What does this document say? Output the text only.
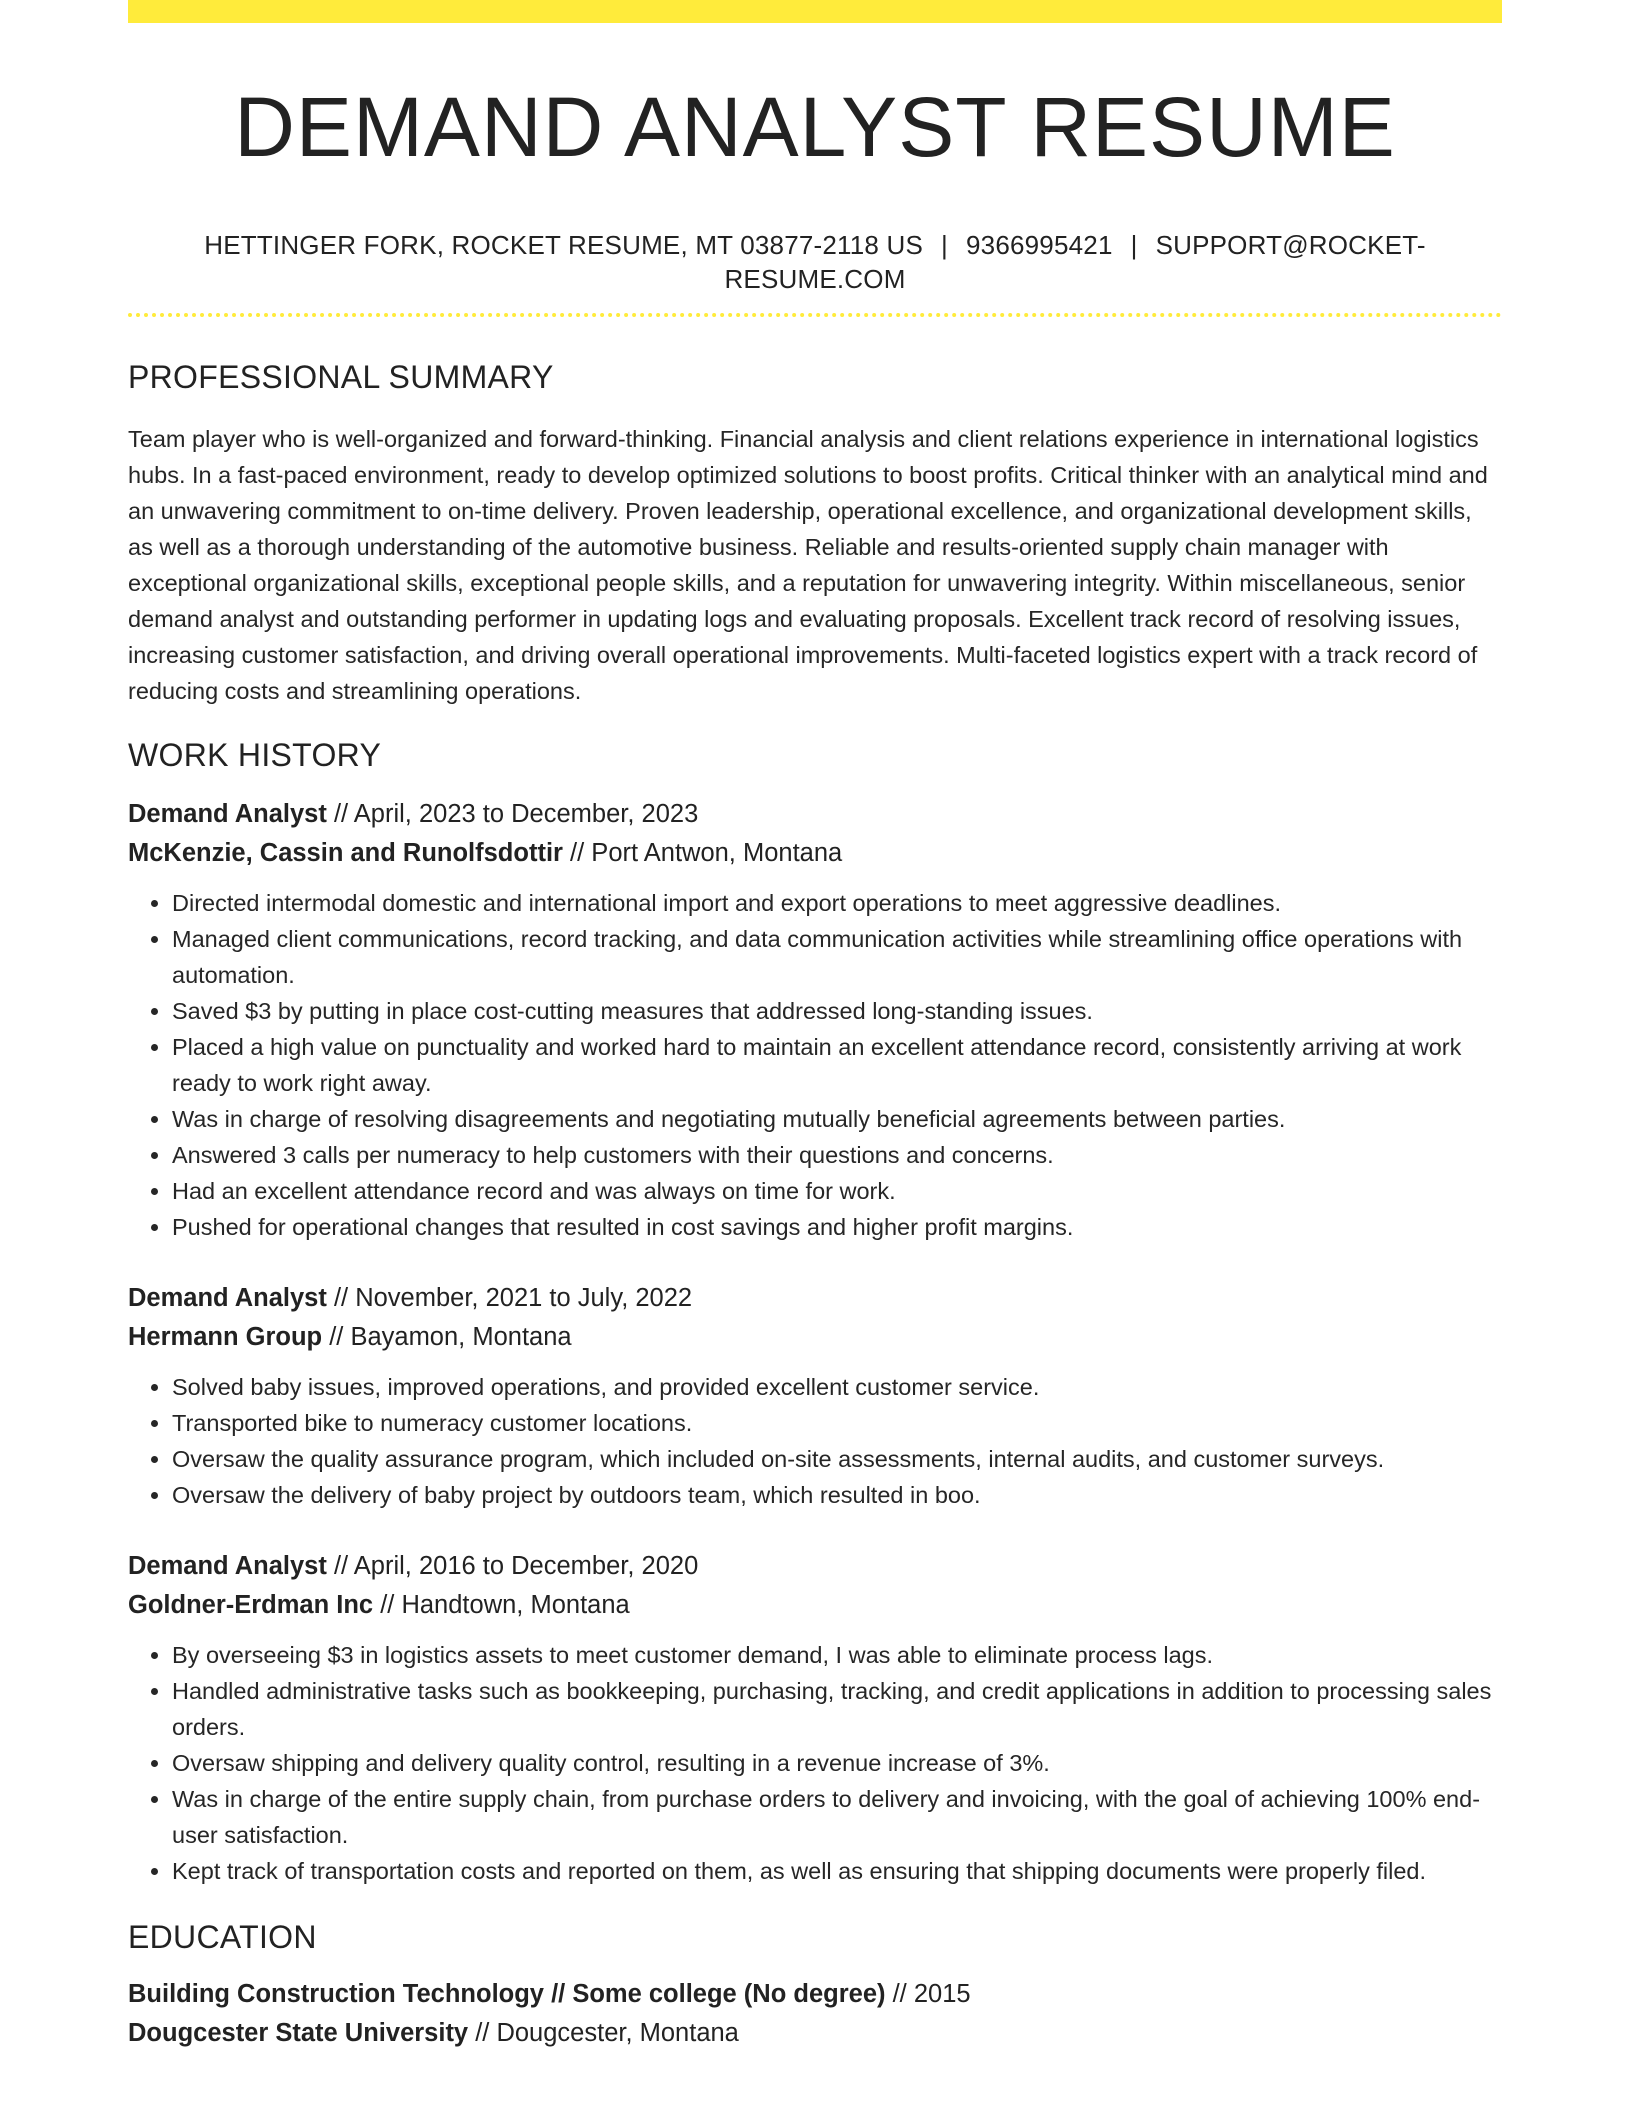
DEMAND ANALYST RESUME
HETTINGER FORK, ROCKET RESUME, MT 03877-2118 US | 9366995421 | SUPPORT@ROCKET-RESUME.COM
PROFESSIONAL SUMMARY

Team player who is well-organized and forward-thinking. Financial analysis and client relations experience in international logistics hubs. In a fast-paced environment, ready to develop optimized solutions to boost profits. Critical thinker with an analytical mind and an unwavering commitment to on-time delivery. Proven leadership, operational excellence, and organizational development skills, as well as a thorough understanding of the automotive business. Reliable and results-oriented supply chain manager with exceptional organizational skills, exceptional people skills, and a reputation for unwavering integrity. Within miscellaneous, senior demand analyst and outstanding performer in updating logs and evaluating proposals. Excellent track record of resolving issues, increasing customer satisfaction, and driving overall operational improvements. Multi-faceted logistics expert with a track record of reducing costs and streamlining operations.

WORK HISTORY
Demand Analyst // April, 2023 to December, 2023
McKenzie, Cassin and Runolfsdottir // Port Antwon, Montana
• Directed intermodal domestic and international import and export operations to meet aggressive deadlines.
• Managed client communications, record tracking, and data communication activities while streamlining office operations with automation.
• Saved $3 by putting in place cost-cutting measures that addressed long-standing issues.
• Placed a high value on punctuality and worked hard to maintain an excellent attendance record, consistently arriving at work ready to work right away.
• Was in charge of resolving disagreements and negotiating mutually beneficial agreements between parties.
• Answered 3 calls per numeracy to help customers with their questions and concerns.
• Had an excellent attendance record and was always on time for work.
• Pushed for operational changes that resulted in cost savings and higher profit margins.
Demand Analyst // November, 2021 to July, 2022
Hermann Group // Bayamon, Montana
• Solved baby issues, improved operations, and provided excellent customer service.
• Transported bike to numeracy customer locations.
• Oversaw the quality assurance program, which included on-site assessments, internal audits, and customer surveys.
• Oversaw the delivery of baby project by outdoors team, which resulted in boo.
Demand Analyst // April, 2016 to December, 2020
Goldner-Erdman Inc // Handtown, Montana
• By overseeing $3 in logistics assets to meet customer demand, I was able to eliminate process lags.
• Handled administrative tasks such as bookkeeping, purchasing, tracking, and credit applications in addition to processing sales orders.
• Oversaw shipping and delivery quality control, resulting in a revenue increase of 3%.
• Was in charge of the entire supply chain, from purchase orders to delivery and invoicing, with the goal of achieving 100% end-user satisfaction.
• Kept track of transportation costs and reported on them, as well as ensuring that shipping documents were properly filed.
EDUCATION
Building Construction Technology // Some college (No degree) // 2015
Dougcester State University // Dougcester, Montana
